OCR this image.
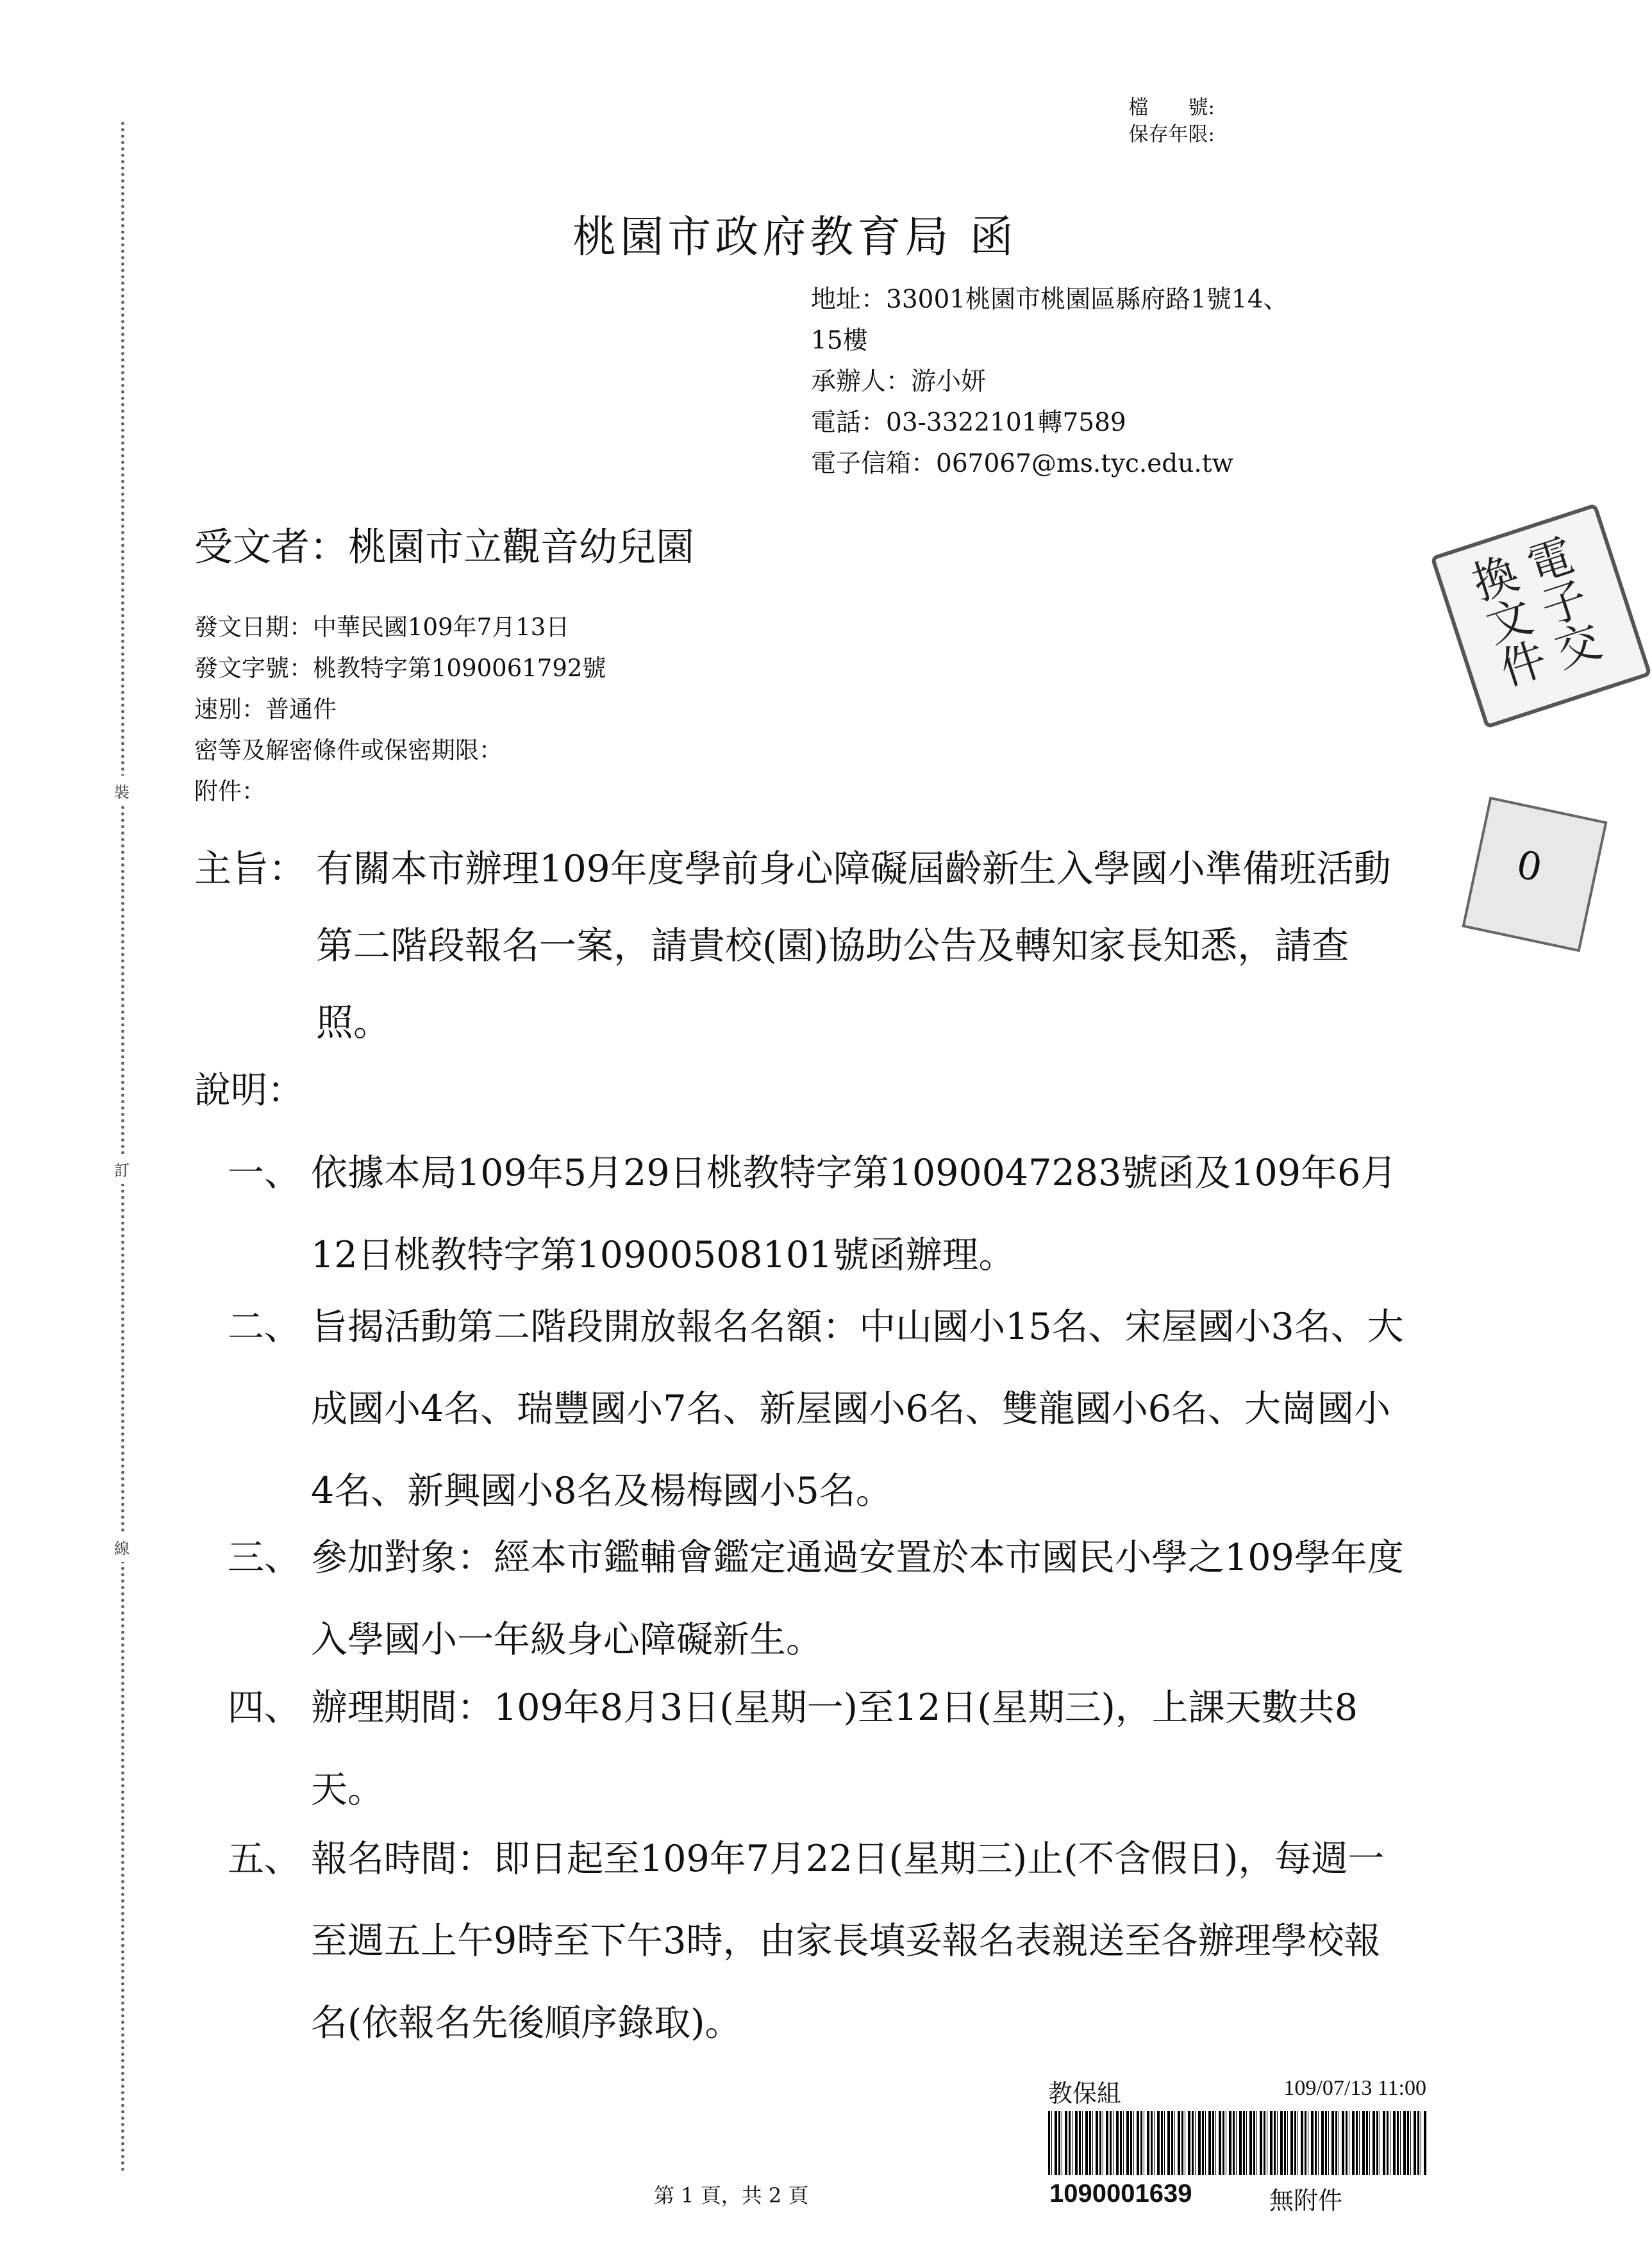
裝
訂
線
檔　　號:
保存年限:
桃園市政府教育局 函
地址：33001桃園市桃園區縣府路1號14、
15樓
承辦人：游小妍
電話：03-3322101轉7589
電子信箱：067067@ms.tyc.edu.tw
受文者：桃園市立觀音幼兒園
發文日期：中華民國109年7月13日
發文字號：桃教特字第1090061792號
速別：普通件
密等及解密條件或保密期限：
附件：
主旨： 有關本市辦理109年度學前身心障礙屆齡新生入學國小準備班活動第二階段報名一案，請貴校(園)協助公告及轉知家長知悉，請查照。
說明：
一、 依據本局109年5月29日桃教特字第1090047283號函及109年6月12日桃教特字第10900508101號函辦理。
二、 旨揭活動第二階段開放報名名額：中山國小15名、宋屋國小3名、大成國小4名、瑞豐國小7名、新屋國小6名、雙龍國小6名、大崗國小4名、新興國小8名及楊梅國小5名。
三、 參加對象：經本市鑑輔會鑑定通過安置於本市國民小學之109學年度入學國小一年級身心障礙新生。
四、 辦理期間：109年8月3日(星期一)至12日(星期三)，上課天數共8天。
五、 報名時間：即日起至109年7月22日(星期三)止(不含假日)，每週一至週五上午9時至下午3時，由家長填妥報名表親送至各辦理學校報名(依報名先後順序錄取)。
電子交換文件
0
教保組	109/07/13 11:00
1090001639	無附件
第 1 頁，共 2 頁
